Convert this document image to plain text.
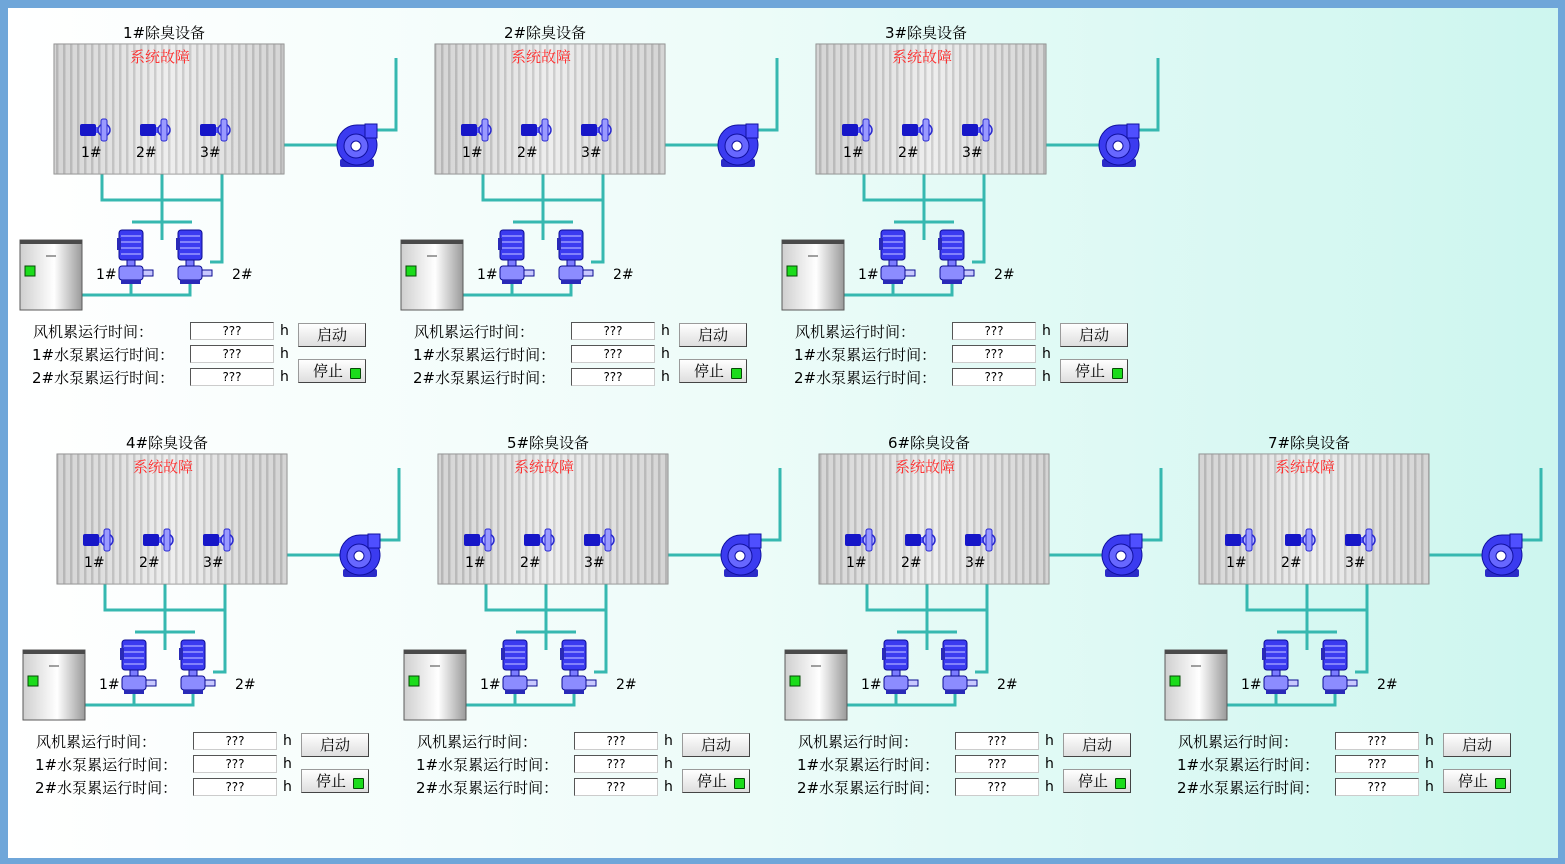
1#除臭设备
系统故障
1# 2#	3#
1#	2#
风机累运行时间：	???	h
1#水泵累运行时间：	???	h
2#水泵累运行时间：	???	h
启动
停止
2#除臭设备
系统故障
1# 2#	3#
1#	2#
风机累运行时间：	???	h
1#水泵累运行时间：	???	h
2#水泵累运行时间：	???	h
启动
停止
3#除臭设备
系统故障
1# 2#	3#
1#	2#
风机累运行时间：	???	h
1#水泵累运行时间：	???	h
2#水泵累运行时间：	???	h
启动
停止
4#除臭设备
系统故障
1# 2#	3#
1#	2#
风机累运行时间：	???	h
1#水泵累运行时间：	???	h
2#水泵累运行时间：	???	h
启动
停止
5#除臭设备
系统故障
1# 2#	3#
1#	2#
风机累运行时间：	???	h
1#水泵累运行时间：	???	h
2#水泵累运行时间：	???	h
启动
停止
6#除臭设备
系统故障
1# 2#	3#
1#	2#
风机累运行时间：	???	h
1#水泵累运行时间：	???	h
2#水泵累运行时间：	???	h
启动
停止
7#除臭设备
系统故障
1# 2#	3#
1#	2#
风机累运行时间：	???	h
1#水泵累运行时间：	???	h
2#水泵累运行时间：	???	h
启动
停止
